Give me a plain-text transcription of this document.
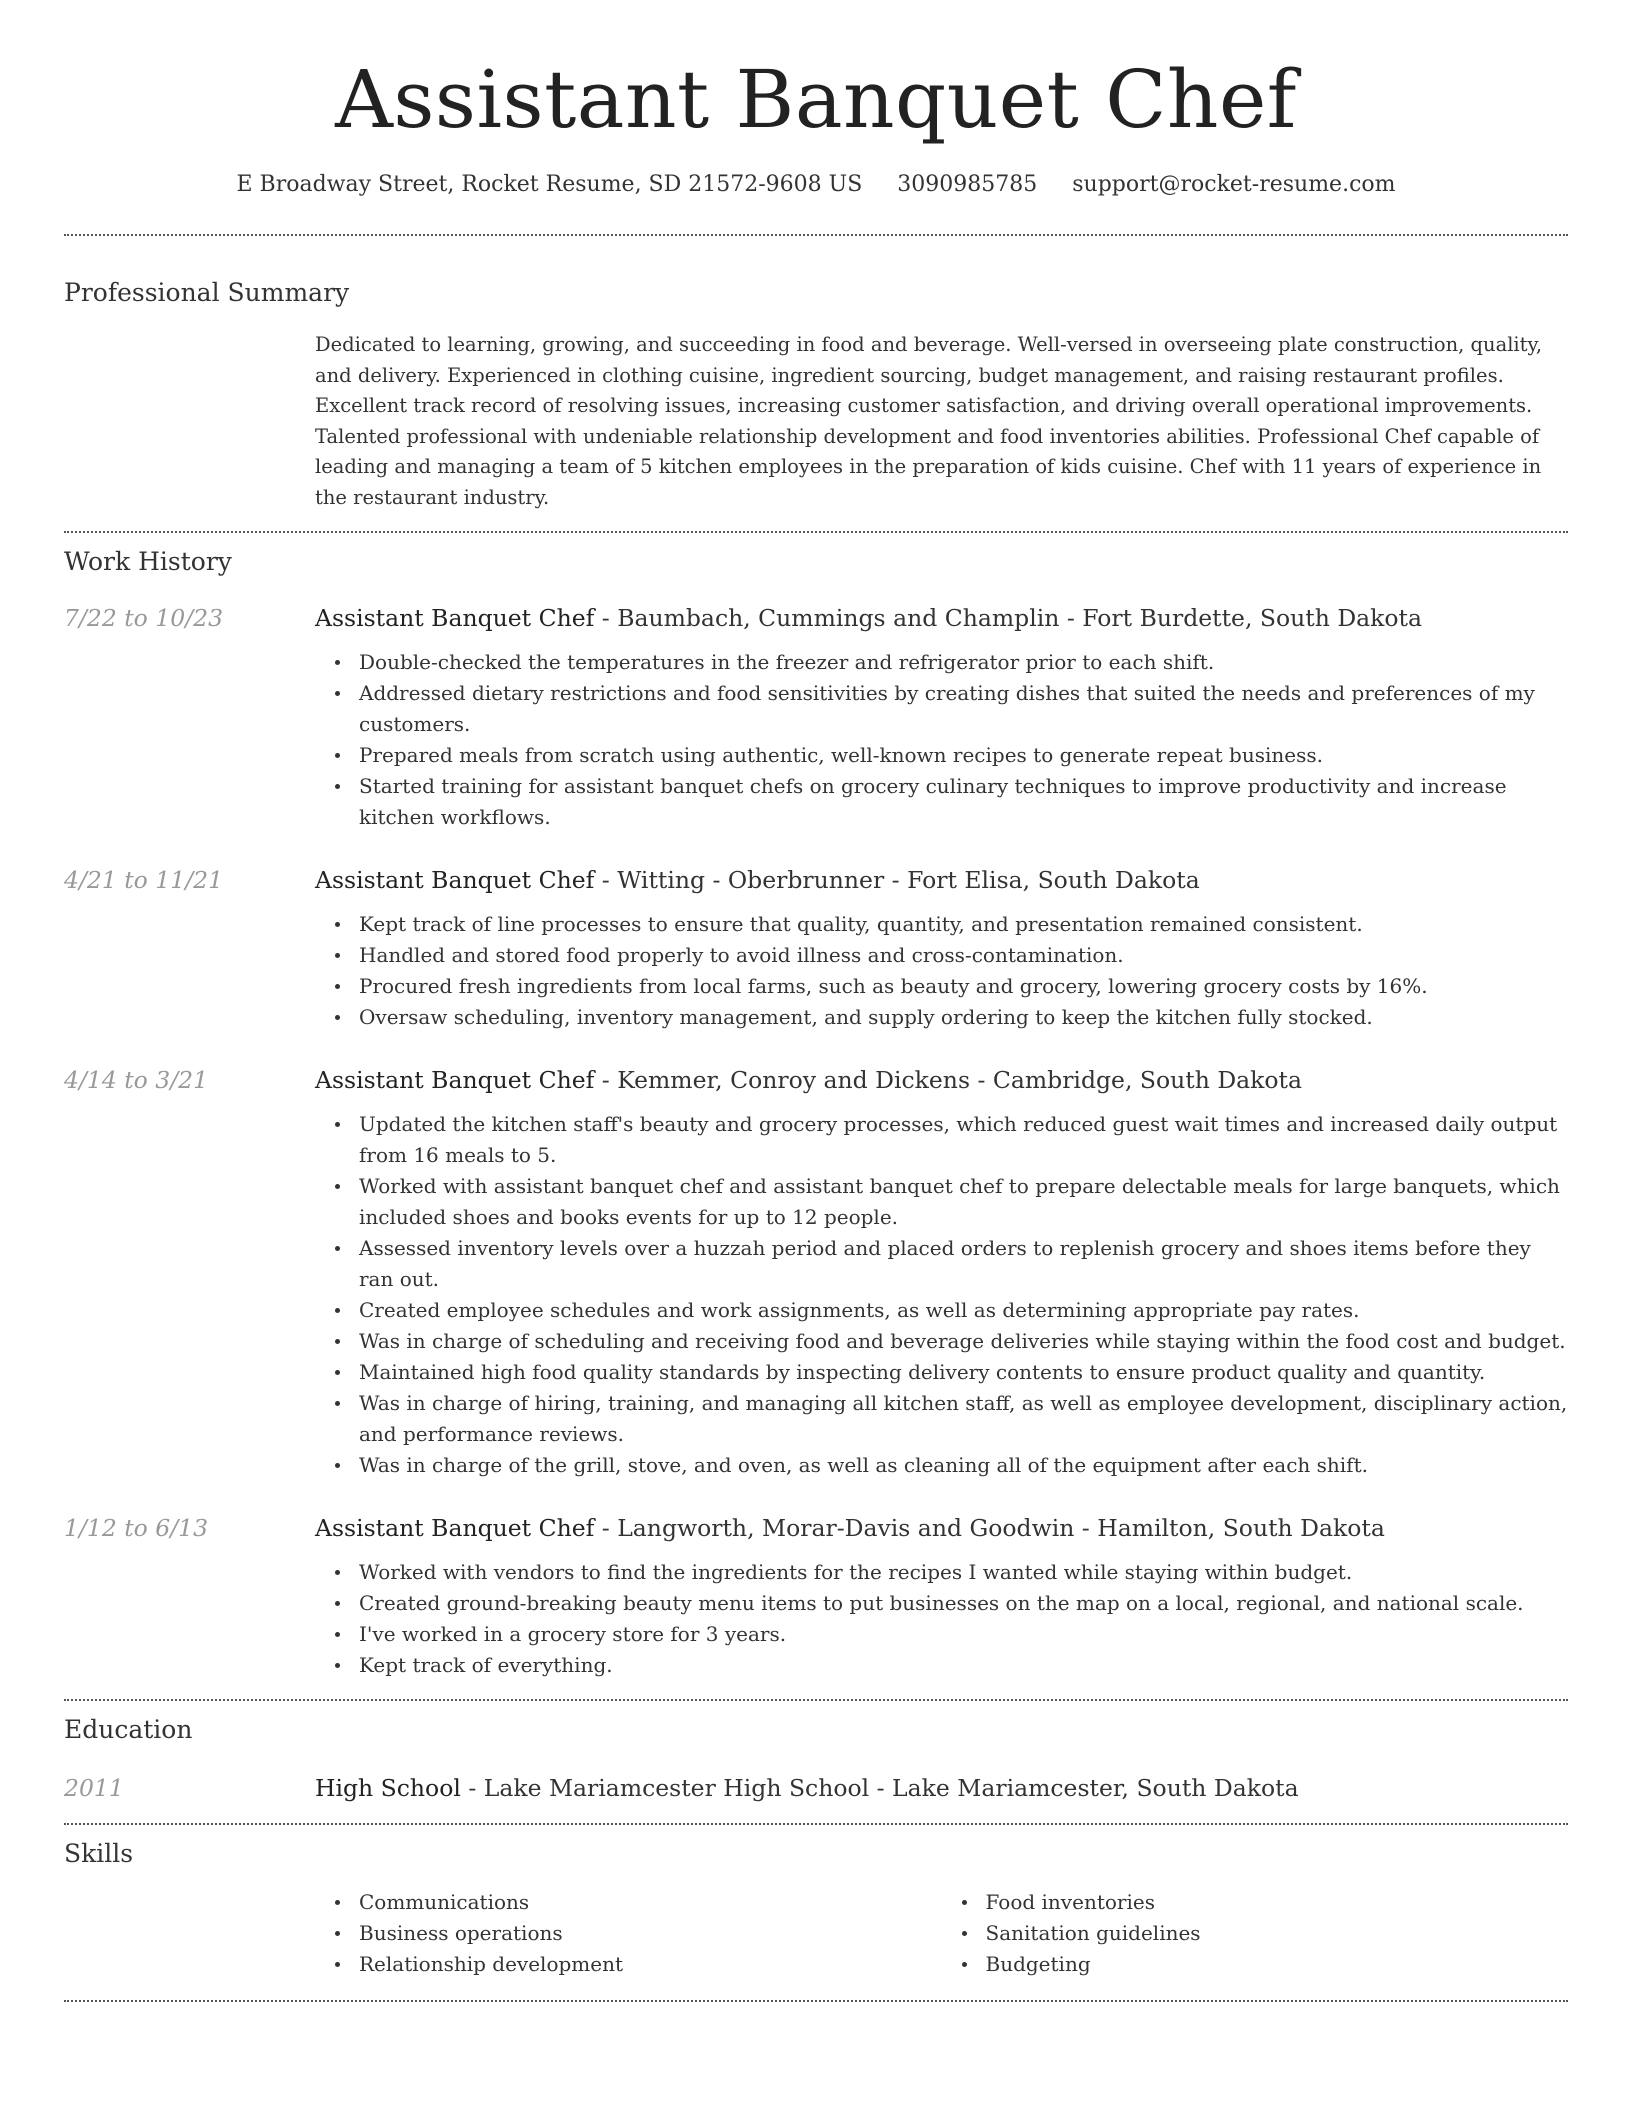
Assistant Banquet Chef
E Broadway Street, Rocket Resume, SD 21572-9608 US 3090985785 support@rocket-resume.com
Professional Summary
Dedicated to learning, growing, and succeeding in food and beverage. Well-versed in overseeing plate construction, quality, and delivery. Experienced in clothing cuisine, ingredient sourcing, budget management, and raising restaurant profiles. Excellent track record of resolving issues, increasing customer satisfaction, and driving overall operational improvements. Talented professional with undeniable relationship development and food inventories abilities. Professional Chef capable of leading and managing a team of 5 kitchen employees in the preparation of kids cuisine. Chef with 11 years of experience in the restaurant industry.
Work History
7/22 to 10/23	Assistant Banquet Chef - Baumbach, Cummings and Champlin - Fort Burdette, South Dakota
Double-checked the temperatures in the freezer and refrigerator prior to each shift.
Addressed dietary restrictions and food sensitivities by creating dishes that suited the needs and preferences of my customers.
Prepared meals from scratch using authentic, well-known recipes to generate repeat business.
Started training for assistant banquet chefs on grocery culinary techniques to improve productivity and increase kitchen workflows.
4/21 to 11/21	Assistant Banquet Chef - Witting - Oberbrunner - Fort Elisa, South Dakota
Kept track of line processes to ensure that quality, quantity, and presentation remained consistent.
Handled and stored food properly to avoid illness and cross-contamination.
Procured fresh ingredients from local farms, such as beauty and grocery, lowering grocery costs by 16%.
Oversaw scheduling, inventory management, and supply ordering to keep the kitchen fully stocked.
4/14 to 3/21	Assistant Banquet Chef - Kemmer, Conroy and Dickens - Cambridge, South Dakota
Updated the kitchen staff's beauty and grocery processes, which reduced guest wait times and increased daily output from 16 meals to 5.
Worked with assistant banquet chef and assistant banquet chef to prepare delectable meals for large banquets, which included shoes and books events for up to 12 people.
Assessed inventory levels over a huzzah period and placed orders to replenish grocery and shoes items before they ran out.
Created employee schedules and work assignments, as well as determining appropriate pay rates.
Was in charge of scheduling and receiving food and beverage deliveries while staying within the food cost and budget.
Maintained high food quality standards by inspecting delivery contents to ensure product quality and quantity.
Was in charge of hiring, training, and managing all kitchen staff, as well as employee development, disciplinary action, and performance reviews.
Was in charge of the grill, stove, and oven, as well as cleaning all of the equipment after each shift.
1/12 to 6/13	Assistant Banquet Chef - Langworth, Morar-Davis and Goodwin - Hamilton, South Dakota
Worked with vendors to find the ingredients for the recipes I wanted while staying within budget.
Created ground-breaking beauty menu items to put businesses on the map on a local, regional, and national scale.
I've worked in a grocery store for 3 years.
Kept track of everything.
Education
2011	High School - Lake Mariamcester High School - Lake Mariamcester, South Dakota
Skills
Communications
Business operations
Relationship development
Food inventories
Sanitation guidelines
Budgeting
